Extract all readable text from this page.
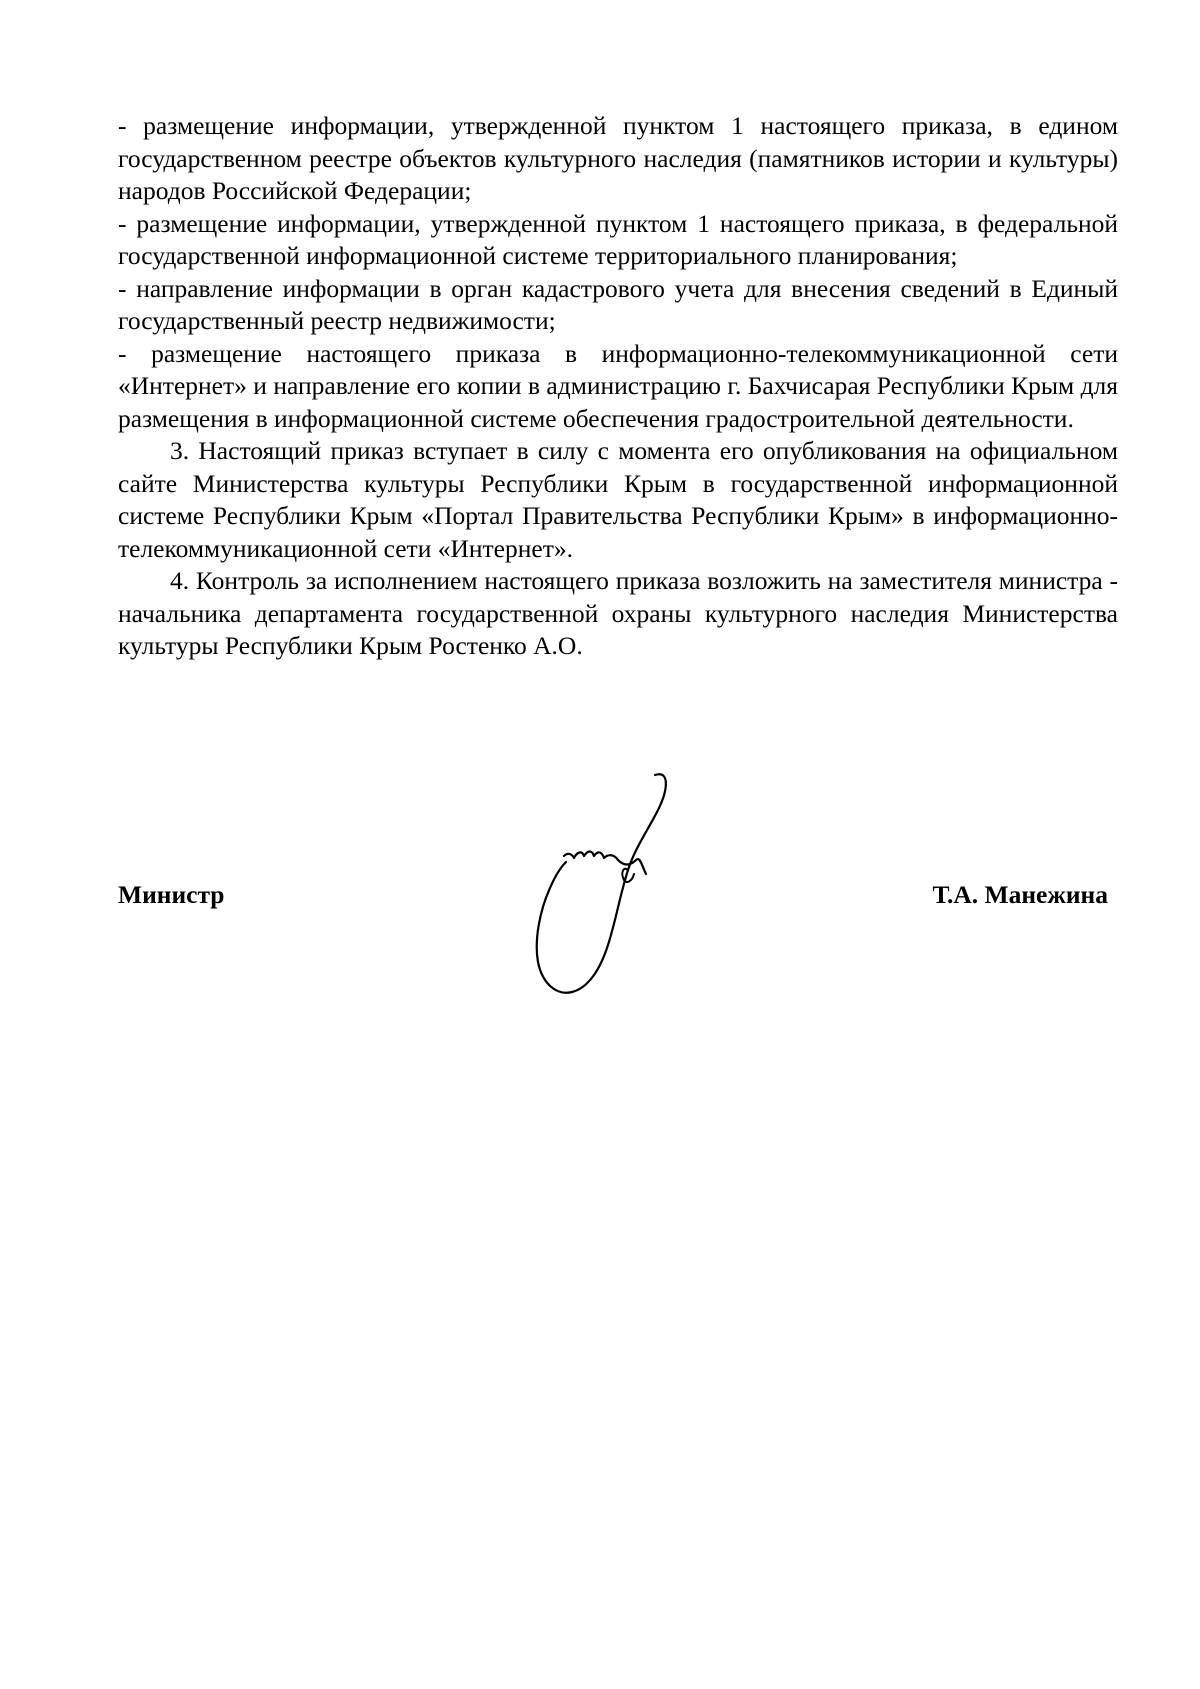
- размещение информации, утвержденной пунктом 1 настоящего приказа, в едином государственном реестре объектов культурного наследия (памятников истории и культуры) народов Российской Федерации;

- размещение информации, утвержденной пунктом 1 настоящего приказа, в федеральной государственной информационной системе территориального планирования;

- направление информации в орган кадастрового учета для внесения сведений в Единый государственный реестр недвижимости;

- размещение настоящего приказа в информационно-телекоммуникационной сети «Интернет» и направление его копии в администрацию г. Бахчисарая Республики Крым для размещения в информационной системе обеспечения градостроительной деятельности.

3. Настоящий приказ вступает в силу с момента его опубликования на официальном сайте Министерства культуры Республики Крым в государственной информационной системе Республики Крым «Портал Правительства Республики Крым» в информационно-телекоммуникационной сети «Интернет».

4. Контроль за исполнением настоящего приказа возложить на заместителя министра - начальника департамента государственной охраны культурного наследия Министерства культуры Республики Крым Ростенко А.О.

Министр	Т.А. Манежина
